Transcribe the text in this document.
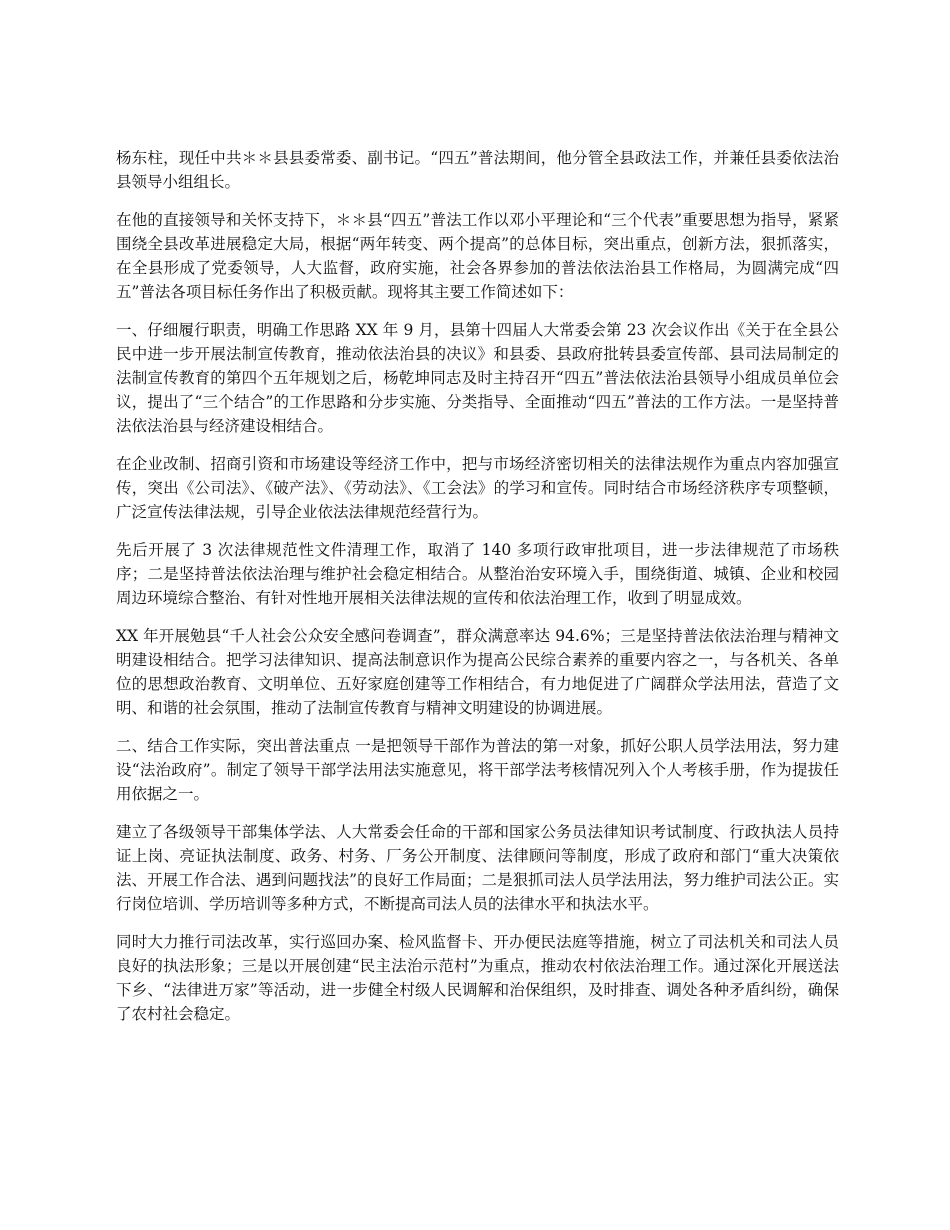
杨东柱，现任中共＊＊县县委常委、副书记。“四五”普法期间，他分管全县政法工作，并兼任县委依法治县领导小组组长。

在他的直接领导和关怀支持下，＊＊县“四五”普法工作以邓小平理论和“三个代表”重要思想为指导，紧紧围绕全县改革进展稳定大局，根据“两年转变、两个提高”的总体目标，突出重点，创新方法，狠抓落实，在全县形成了党委领导，人大监督，政府实施，社会各界参加的普法依法治县工作格局，为圆满完成“四五”普法各项目标任务作出了积极贡献。现将其主要工作简述如下：

一、仔细履行职责，明确工作思路 XX 年 9 月，县第十四届人大常委会第 23 次会议作出《关于在全县公民中进一步开展法制宣传教育，推动依法治县的决议》和县委、县政府批转县委宣传部、县司法局制定的法制宣传教育的第四个五年规划之后，杨乾坤同志及时主持召开“四五”普法依法治县领导小组成员单位会议，提出了“三个结合”的工作思路和分步实施、分类指导、全面推动“四五”普法的工作方法。一是坚持普法依法治县与经济建设相结合。

在企业改制、招商引资和市场建设等经济工作中，把与市场经济密切相关的法律法规作为重点内容加强宣传，突出《公司法》、《破产法》、《劳动法》、《工会法》的学习和宣传。同时结合市场经济秩序专项整顿，广泛宣传法律法规，引导企业依法法律规范经营行为。

先后开展了 3 次法律规范性文件清理工作，取消了 140 多项行政审批项目，进一步法律规范了市场秩序；二是坚持普法依法治理与维护社会稳定相结合。从整治治安环境入手，围绕街道、城镇、企业和校园周边环境综合整治、有针对性地开展相关法律法规的宣传和依法治理工作，收到了明显成效。

XX 年开展勉县“千人社会公众安全感问卷调查”，群众满意率达 94.6%；三是坚持普法依法治理与精神文明建设相结合。把学习法律知识、提高法制意识作为提高公民综合素养的重要内容之一，与各机关、各单位的思想政治教育、文明单位、五好家庭创建等工作相结合，有力地促进了广阔群众学法用法，营造了文明、和谐的社会氛围，推动了法制宣传教育与精神文明建设的协调进展。

二、结合工作实际，突出普法重点 一是把领导干部作为普法的第一对象，抓好公职人员学法用法，努力建设“法治政府”。制定了领导干部学法用法实施意见，将干部学法考核情况列入个人考核手册，作为提拔任用依据之一。

建立了各级领导干部集体学法、人大常委会任命的干部和国家公务员法律知识考试制度、行政执法人员持证上岗、亮证执法制度、政务、村务、厂务公开制度、法律顾问等制度，形成了政府和部门“重大决策依法、开展工作合法、遇到问题找法”的良好工作局面；二是狠抓司法人员学法用法，努力维护司法公正。实行岗位培训、学历培训等多种方式，不断提高司法人员的法律水平和执法水平。

同时大力推行司法改革，实行巡回办案、检风监督卡、开办便民法庭等措施，树立了司法机关和司法人员良好的执法形象；三是以开展创建“民主法治示范村”为重点，推动农村依法治理工作。通过深化开展送法下乡、“法律进万家”等活动，进一步健全村级人民调解和治保组织，及时排查、调处各种矛盾纠纷，确保了农村社会稳定。
